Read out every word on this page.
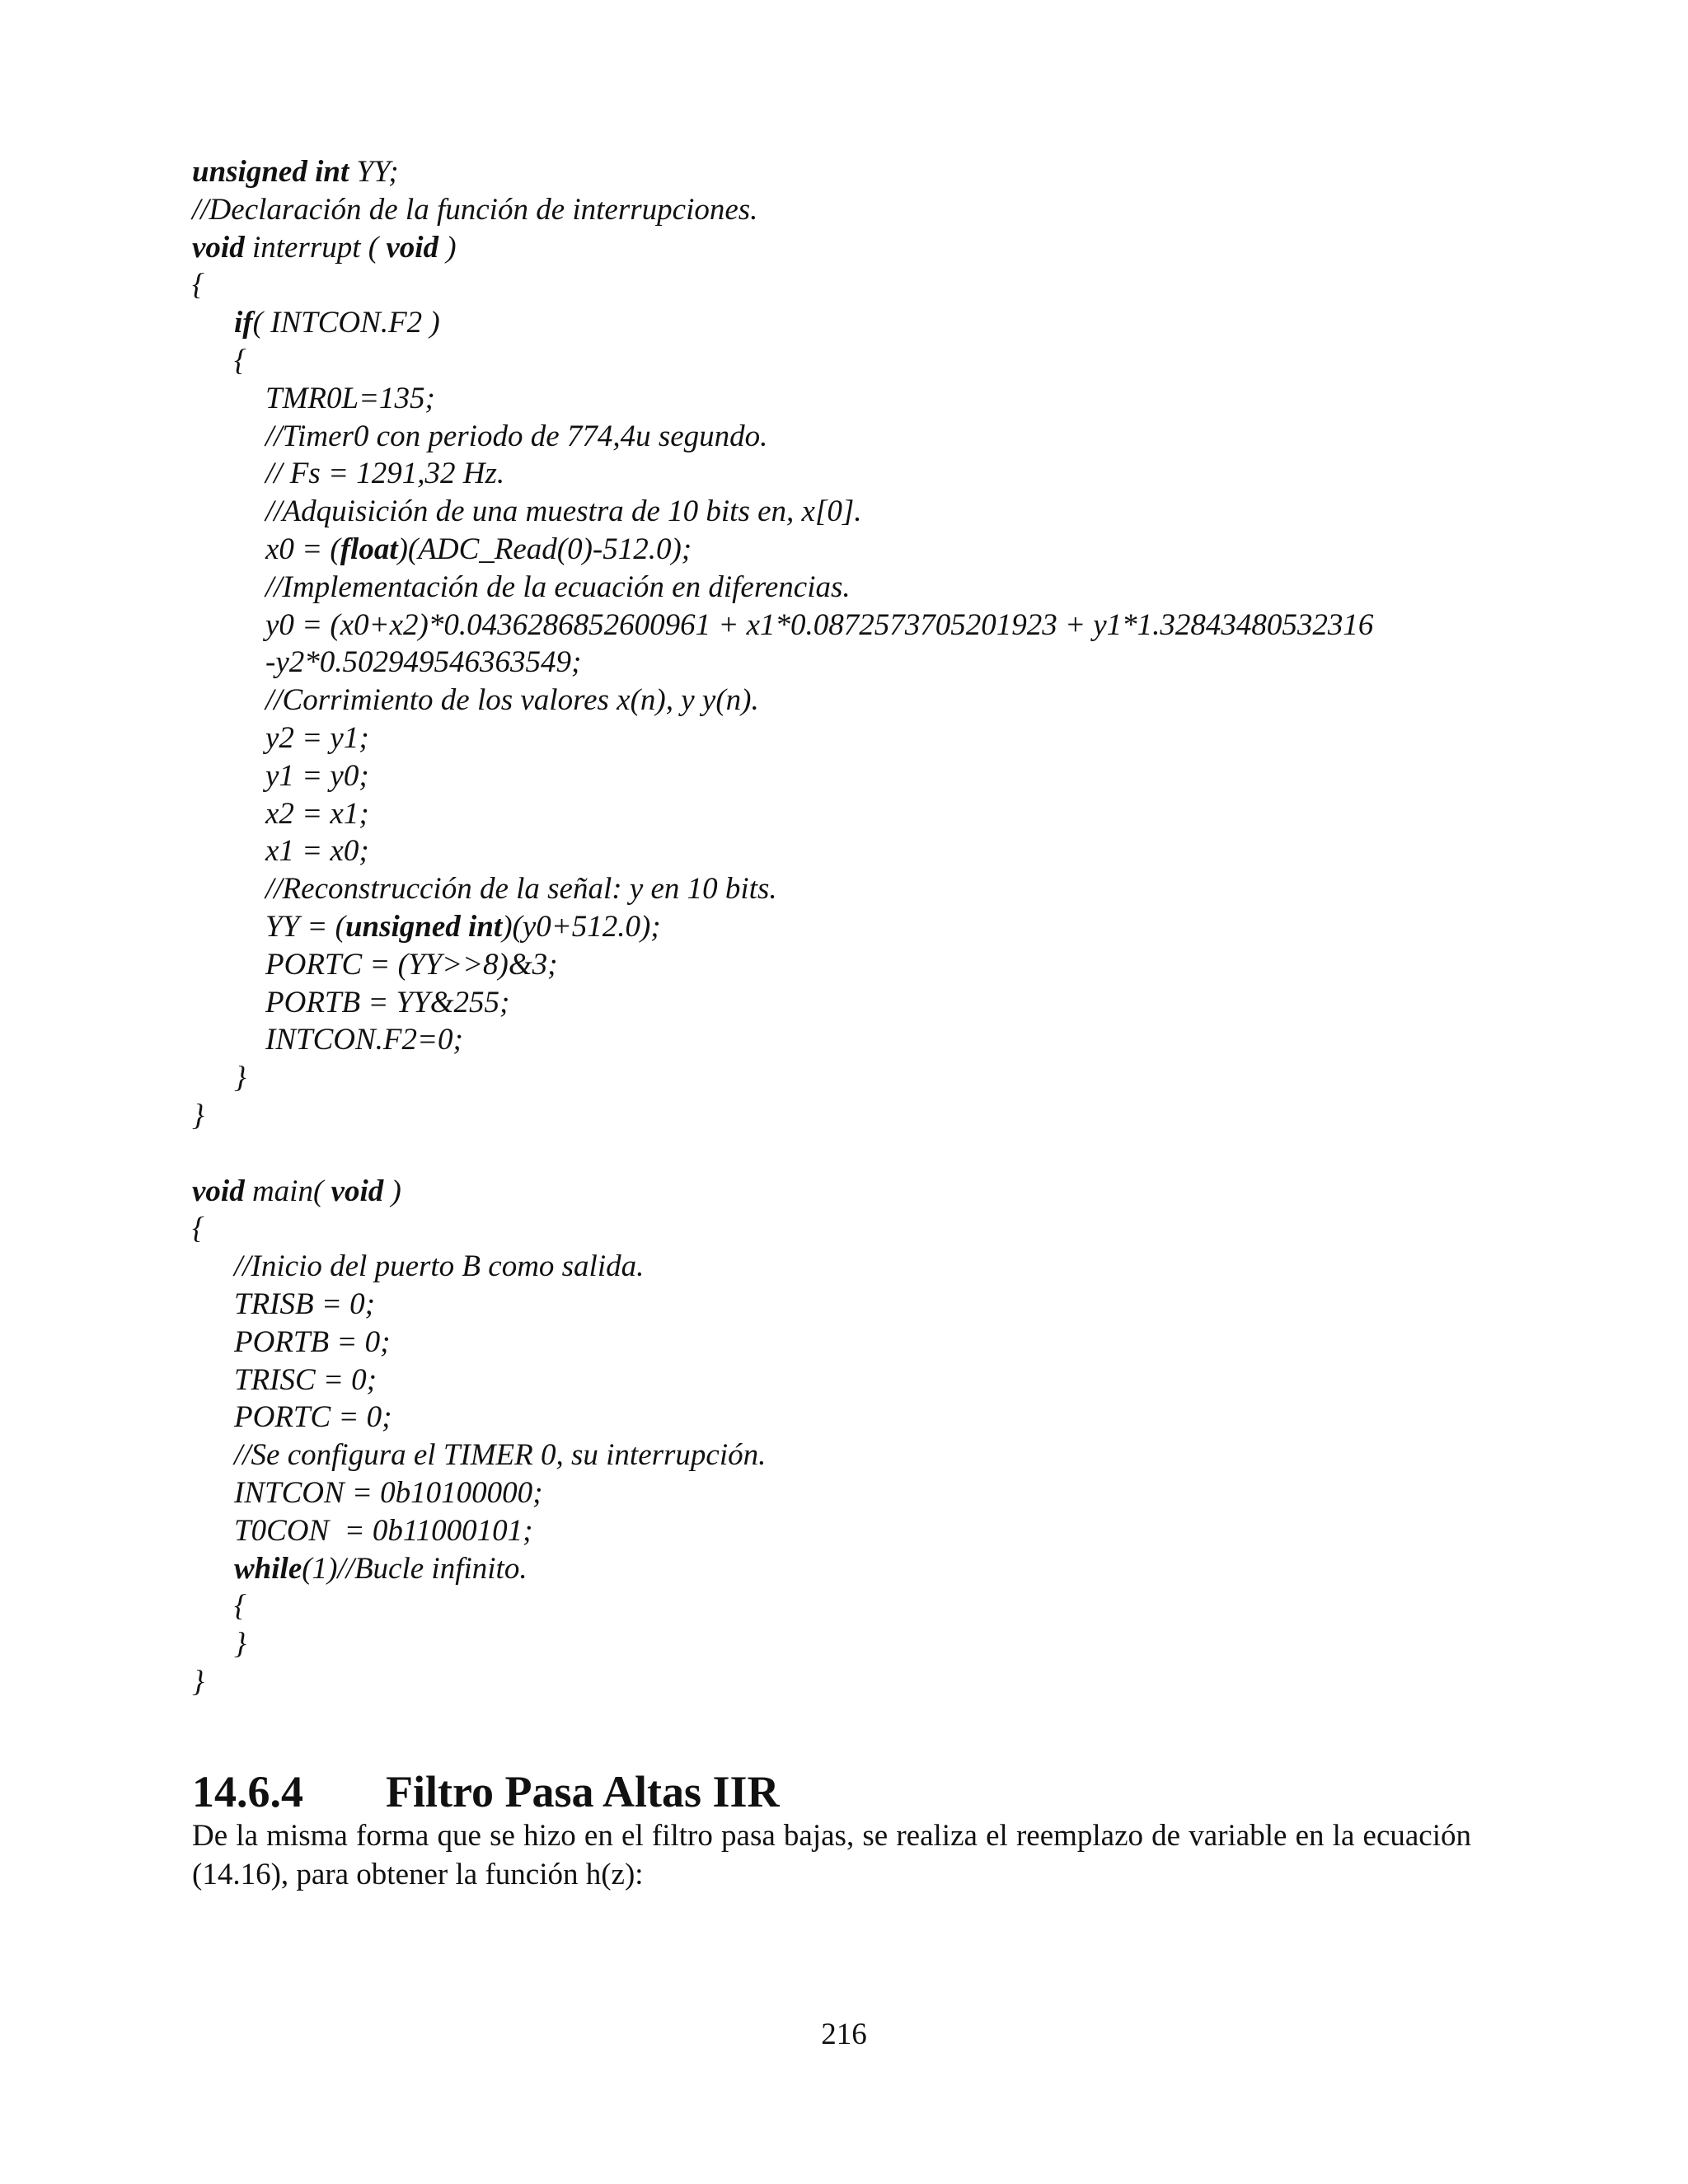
unsigned int YY;
//Declaración de la función de interrupciones.
void interrupt ( void )
{
if( INTCON.F2 )
{
TMR0L=135;
//Timer0 con periodo de 774,4u segundo.
// Fs = 1291,32 Hz.
//Adquisición de una muestra de 10 bits en, x[0].
x0 = (float)(ADC_Read(0)-512.0);
//Implementación de la ecuación en diferencias.
y0 = (x0+x2)*0.0436286852600961 + x1*0.0872573705201923 + y1*1.32843480532316
-y2*0.502949546363549;
//Corrimiento de los valores x(n), y y(n).
y2 = y1;
y1 = y0;
x2 = x1;
x1 = x0;
//Reconstrucción de la señal: y en 10 bits.
YY = (unsigned int)(y0+512.0);
PORTC = (YY>>8)&3;
PORTB = YY&255;
INTCON.F2=0;
}
}
void main( void )
{
//Inicio del puerto B como salida.
TRISB = 0;
PORTB = 0;
TRISC = 0;
PORTC = 0;
//Se configura el TIMER 0, su interrupción.
INTCON = 0b10100000;
T0CON  = 0b11000101;
while(1)//Bucle infinito.
{
}
}
14.6.4 Filtro Pasa Altas IIR
De la misma forma que se hizo en el filtro pasa bajas, se realiza el reemplazo de variable en la ecuación (14.16), para obtener la función h(z):
216
